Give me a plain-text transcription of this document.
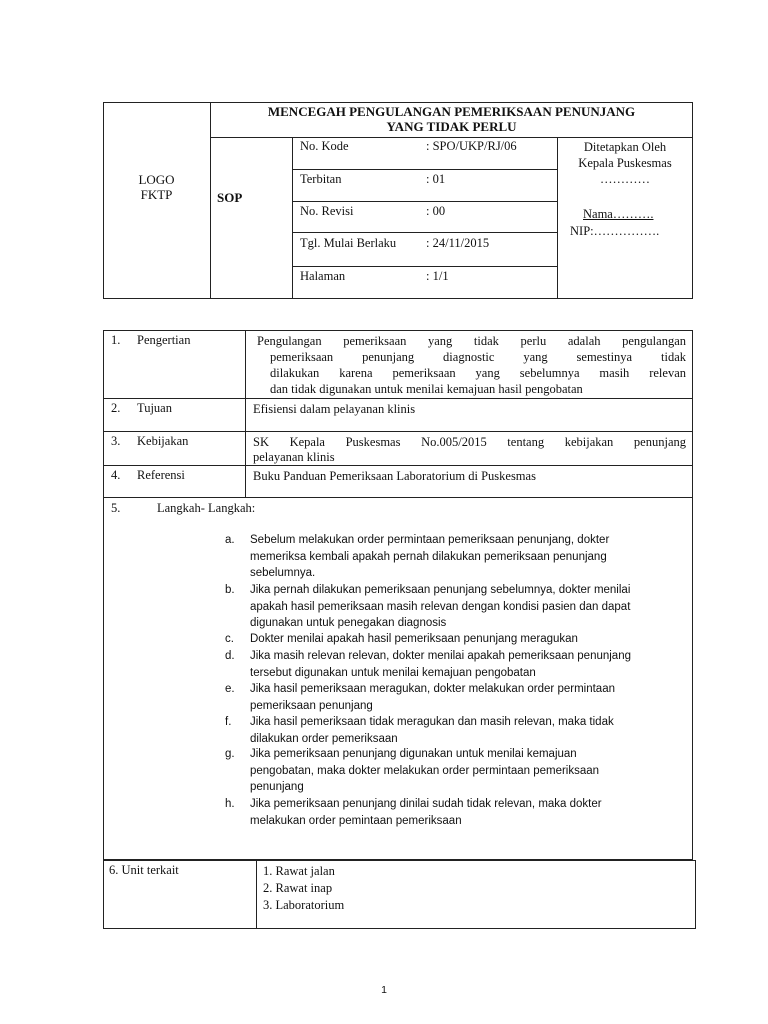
LOGO
FKTP
MENCEGAH PENGULANGAN PEMERIKSAAN PENUNJANG
YANG TIDAK PERLU
SOP
No. Kode	: SPO/UKP/RJ/06
Terbitan	: 01
No. Revisi	: 00
Tgl. Mulai Berlaku : 24/11/2015
Halaman	: 1/1
Ditetapkan Oleh
Kepala Puskesmas
…………
Nama……….
NIP:…………….
1. Pengertian	Pengulangan pemeriksaan yang tidak perlu adalah pengulangan
pemeriksaan penunjang diagnostic yang semestinya tidak
dilakukan karena pemeriksaan yang sebelumnya masih relevan
dan tidak digunakan untuk menilai kemajuan hasil pengobatan
2. Tujuan	Efisiensi dalam pelayanan klinis
3. Kebijakan	SK Kepala Puskesmas No.005/2015 tentang kebijakan penunjang
pelayanan klinis
4. Referensi	Buku Panduan Pemeriksaan Laboratorium di Puskesmas
5.	Langkah- Langkah:
a.	Sebelum melakukan order permintaan pemeriksaan penunjang, dokter
memeriksa kembali apakah pernah dilakukan pemeriksaan penunjang
sebelumnya.
b.	Jika pernah dilakukan pemeriksaan penunjang sebelumnya, dokter menilai
apakah hasil pemeriksaan masih relevan dengan kondisi pasien dan dapat
digunakan untuk penegakan diagnosis
c.	Dokter menilai apakah hasil pemeriksaan penunjang meragukan
d.	Jika masih relevan relevan, dokter menilai apakah pemeriksaan penunjang
tersebut digunakan untuk menilai kemajuan pengobatan
e.	Jika hasil pemeriksaan meragukan, dokter melakukan order permintaan
pemeriksaan penunjang
f.	Jika hasil pemeriksaan tidak meragukan dan masih relevan, maka tidak
dilakukan order pemeriksaan
g.	Jika pemeriksaan penunjang digunakan untuk menilai kemajuan
pengobatan, maka dokter melakukan order permintaan pemeriksaan
penunjang
h.	Jika pemeriksaan penunjang dinilai sudah tidak relevan, maka dokter
melakukan order pemintaan pemeriksaan
6. Unit terkait	1. Rawat jalan
2. Rawat inap
3. Laboratorium
1
